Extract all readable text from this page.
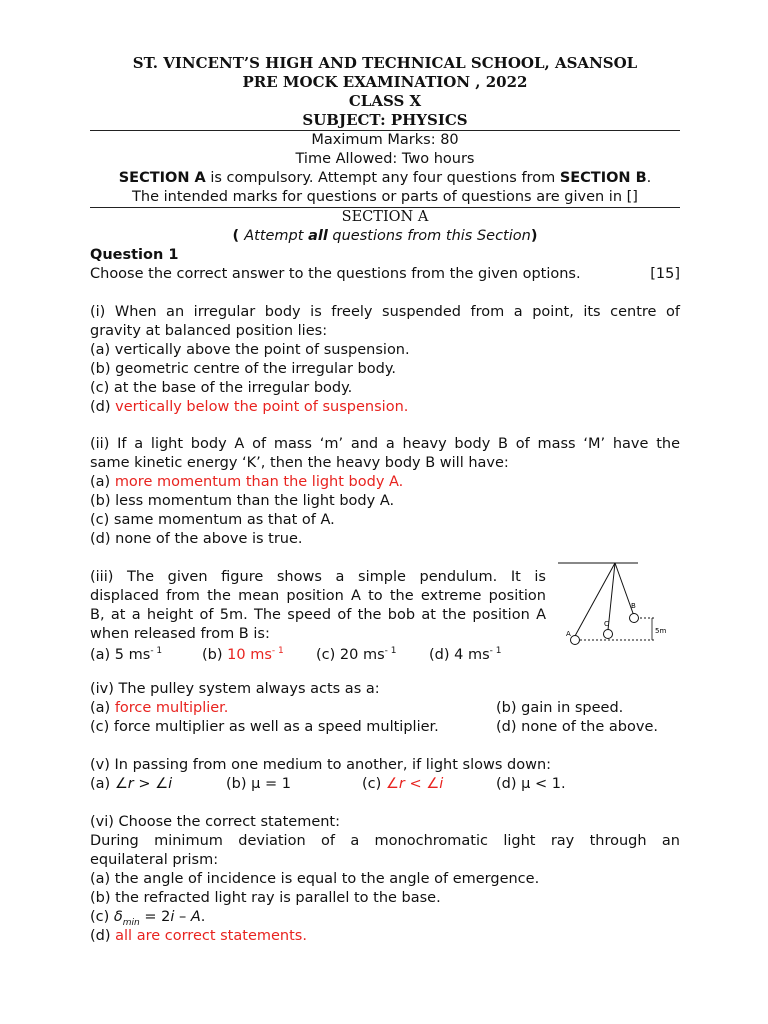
ST. VINCENT’S HIGH AND TECHNICAL SCHOOL, ASANSOL
PRE MOCK EXAMINATION , 2022
CLASS X
SUBJECT: PHYSICS
Maximum Marks: 80
Time Allowed: Two hours
SECTION A is compulsory. Attempt any four questions from SECTION B.
The intended marks for questions or parts of questions are given in []
SECTION A
( Attempt all questions from this Section)
Question 1
Choose the correct answer to the questions from the given options.	[15]
(i) When an irregular body is freely suspended from a point, its centre of
gravity at balanced position lies:
(a) vertically above the point of suspension.
(b) geometric centre of the irregular body.
(c) at the base of the irregular body.
(d) vertically below the point of suspension.
(ii) If a light body A of mass ‘m’ and a heavy body B of mass ‘M’ have the
same kinetic energy ‘K’, then the heavy body B will have:
(a) more momentum than the light body A.
(b) less momentum than the light body A.
(c) same momentum as that of A.
(d) none of the above is true.
(iii) The given figure shows a simple pendulum. It is
displaced from the mean position A to the extreme position
B, at a height of 5m. The speed of the bob at the position A
when released from B is:
(a) 5 $ms^{- 1}$	(b) 10 $ms^{- 1}$ (c) 20 $ms^{- 1}$ (d) 4 $ms^{- 1}$
A
C
B
5m
(iv) The pulley system always acts as a:
(a) force multiplier.	(b) gain in speed.
(c) force multiplier as well as a speed multiplier.	(d) none of the above.
(v) In passing from one medium to another, if light slows down:
(a) ∠r > ∠i	(b) μ = 1	(c) ∠r < ∠i	(d) μ < 1.
(vi) Choose the correct statement:
During minimum deviation of a monochromatic light ray through an
equilateral prism:
(a) the angle of incidence is equal to the angle of emergence.
(b) the refracted light ray is parallel to the base.
(c) $\delta_{min} = 2i - A$.
(d) all are correct statements.
